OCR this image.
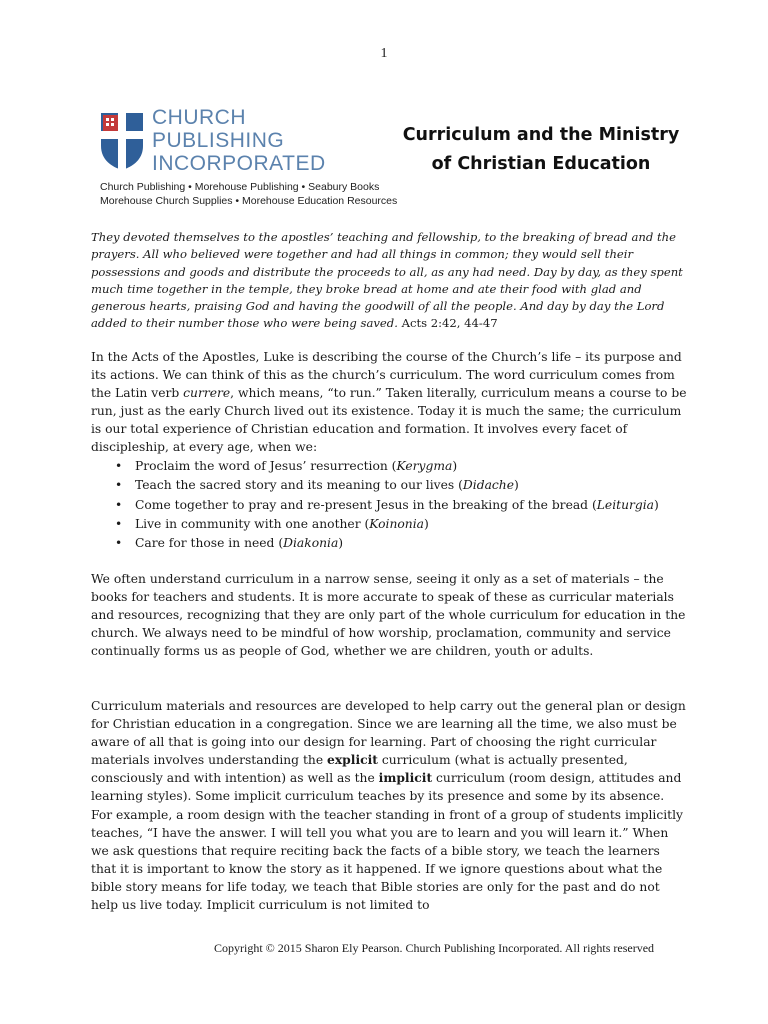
1
CHURCH
PUBLISHING
INCORPORATED
Church Publishing • Morehouse Publishing • Seabury Books
Morehouse Church Supplies • Morehouse Education Resources
Curriculum and the Ministry
of Christian Education

They devoted themselves to the apostles’ teaching and fellowship, to the breaking of bread and the prayers. All who believed were together and had all things in common; they would sell their possessions and goods and distribute the proceeds to all, as any had need. Day by day, as they spent much time together in the temple, they broke bread at home and ate their food with glad and generous hearts, praising God and having the goodwill of all the people. And day by day the Lord added to their number those who were being saved. Acts 2:42, 44-47

In the Acts of the Apostles, Luke is describing the course of the Church’s life – its purpose and its actions. We can think of this as the church’s curriculum. The word curriculum comes from the Latin verb currere, which means, “to run.” Taken literally, curriculum means a course to be run, just as the early Church lived out its existence. Today it is much the same; the curriculum is our total experience of Christian education and formation. It involves every facet of discipleship, at every age, when we:

• Proclaim the word of Jesus’ resurrection (Kerygma)
• Teach the sacred story and its meaning to our lives (Didache)
• Come together to pray and re-present Jesus in the breaking of the bread (Leiturgia)
• Live in community with one another (Koinonia)
• Care for those in need (Diakonia)

We often understand curriculum in a narrow sense, seeing it only as a set of materials – the books for teachers and students. It is more accurate to speak of these as curricular materials and resources, recognizing that they are only part of the whole curriculum for education in the church. We always need to be mindful of how worship, proclamation, community and service continually forms us as people of God, whether we are children, youth or adults.

Curriculum materials and resources are developed to help carry out the general plan or design for Christian education in a congregation. Since we are learning all the time, we also must be aware of all that is going into our design for learning. Part of choosing the right curricular materials involves understanding the explicit curriculum (what is actually presented, consciously and with intention) as well as the implicit curriculum (room design, attitudes and learning styles). Some implicit curriculum teaches by its presence and some by its absence. For example, a room design with the teacher standing in front of a group of students implicitly teaches, “I have the answer. I will tell you what you are to learn and you will learn it.” When we ask questions that require reciting back the facts of a bible story, we teach the learners that it is important to know the story as it happened. If we ignore questions about what the bible story means for life today, we teach that Bible stories are only for the past and do not help us live today. Implicit curriculum is not limited to

Copyright © 2015 Sharon Ely Pearson. Church Publishing Incorporated. All rights reserved
